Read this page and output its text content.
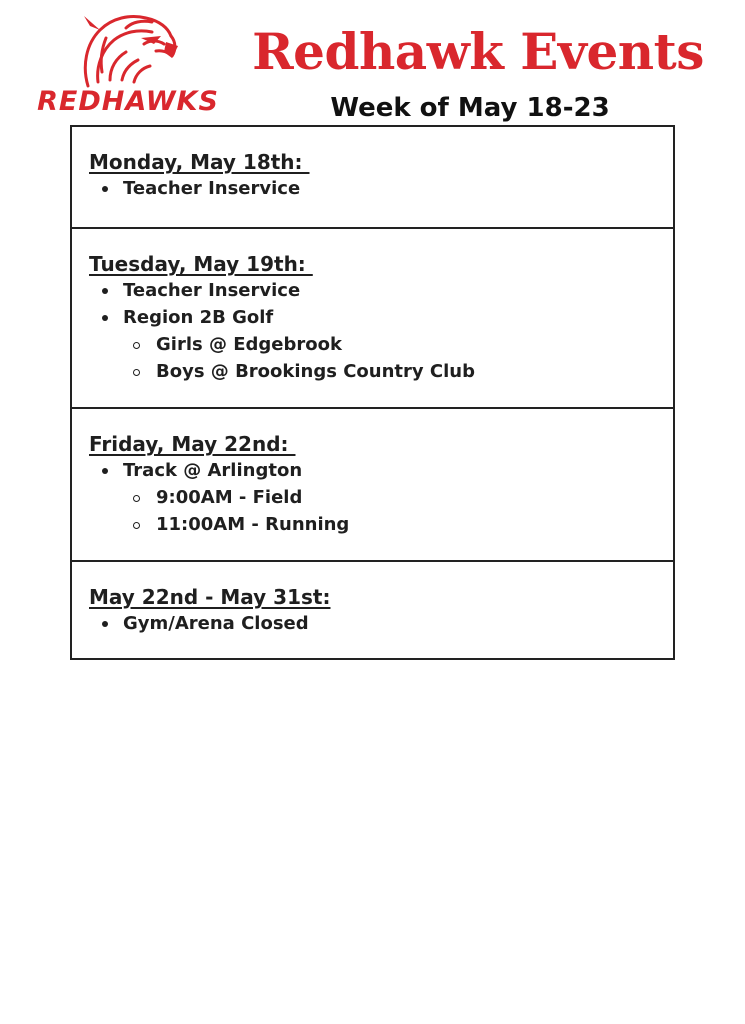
REDHAWKS
Redhawk Events
Week of May 18-23
Monday, May 18th:
Teacher Inservice
Tuesday, May 19th:
Teacher Inservice
Region 2B Golf
Girls @ Edgebrook
Boys @ Brookings Country Club
Friday, May 22nd:
Track @ Arlington
9:00AM - Field
11:00AM - Running
May 22nd - May 31st:
Gym/Arena Closed
